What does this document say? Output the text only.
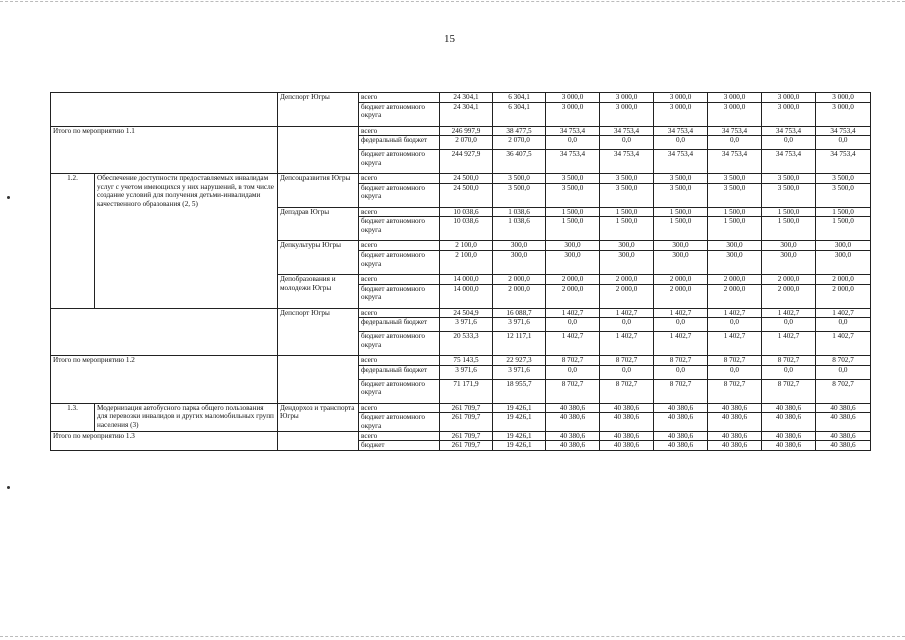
15
		Депспорт Югры	всего	24 304,1	6 304,1	3 000,0	3 000,0	3 000,0	3 000,0	3 000,0	3 000,0
			бюджет автономного округа	24 304,1	6 304,1	3 000,0	3 000,0	3 000,0	3 000,0	3 000,0	3 000,0
Итого по мероприятию 1.1			всего	246 997,9	38 477,5	34 753,4	34 753,4	34 753,4	34 753,4	34 753,4	34 753,4
			федеральный бюджет	2 070,0	2 070,0	0,0	0,0	0,0	0,0	0,0	0,0
			бюджет автономного округа	244 927,9	36 407,5	34 753,4	34 753,4	34 753,4	34 753,4	34 753,4	34 753,4
1.2.	Обеспечение доступности предоставляемых инвалидам услуг с учетом имеющихся у них нарушений, в том числе создание условий для получения детьми-инвалидами качественного образования (2, 5)	Депсоцразвития Югры	всего	24 500,0	3 500,0	3 500,0	3 500,0	3 500,0	3 500,0	3 500,0	3 500,0
			бюджет автономного округа	24 500,0	3 500,0	3 500,0	3 500,0	3 500,0	3 500,0	3 500,0	3 500,0
		Депздрав Югры	всего	10 038,6	1 038,6	1 500,0	1 500,0	1 500,0	1 500,0	1 500,0	1 500,0
			бюджет автономного округа	10 038,6	1 038,6	1 500,0	1 500,0	1 500,0	1 500,0	1 500,0	1 500,0
		Депкультуры Югры	всего	2 100,0	300,0	300,0	300,0	300,0	300,0	300,0	300,0
			бюджет автономного округа	2 100,0	300,0	300,0	300,0	300,0	300,0	300,0	300,0
		Депобразования и молодежи Югры	всего	14 000,0	2 000,0	2 000,0	2 000,0	2 000,0	2 000,0	2 000,0	2 000,0
			бюджет автономного округа	14 000,0	2 000,0	2 000,0	2 000,0	2 000,0	2 000,0	2 000,0	2 000,0
		Депспорт Югры	всего	24 504,9	16 088,7	1 402,7	1 402,7	1 402,7	1 402,7	1 402,7	1 402,7
			федеральный бюджет	3 971,6	3 971,6	0,0	0,0	0,0	0,0	0,0	0,0
			бюджет автономного округа	20 533,3	12 117,1	1 402,7	1 402,7	1 402,7	1 402,7	1 402,7	1 402,7
Итого по мероприятию 1.2			всего	75 143,5	22 927,3	8 702,7	8 702,7	8 702,7	8 702,7	8 702,7	8 702,7
			федеральный бюджет	3 971,6	3 971,6	0,0	0,0	0,0	0,0	0,0	0,0
			бюджет автономного округа	71 171,9	18 955,7	8 702,7	8 702,7	8 702,7	8 702,7	8 702,7	8 702,7
1.3.	Модернизация автобусного парка общего пользования для перевозки инвалидов и других маломобильных групп населения (3)	Дендорхоз и транспорта Югры	всего	261 709,7	19 426,1	40 380,6	40 380,6	40 380,6	40 380,6	40 380,6	40 380,6
			бюджет автономного округа	261 709,7	19 426,1	40 380,6	40 380,6	40 380,6	40 380,6	40 380,6	40 380,6
Итого по мероприятию 1.3			всего	261 709,7	19 426,1	40 380,6	40 380,6	40 380,6	40 380,6	40 380,6	40 380,6
			бюджет	261 709,7	19 426,1	40 380,6	40 380,6	40 380,6	40 380,6	40 380,6	40 380,6
